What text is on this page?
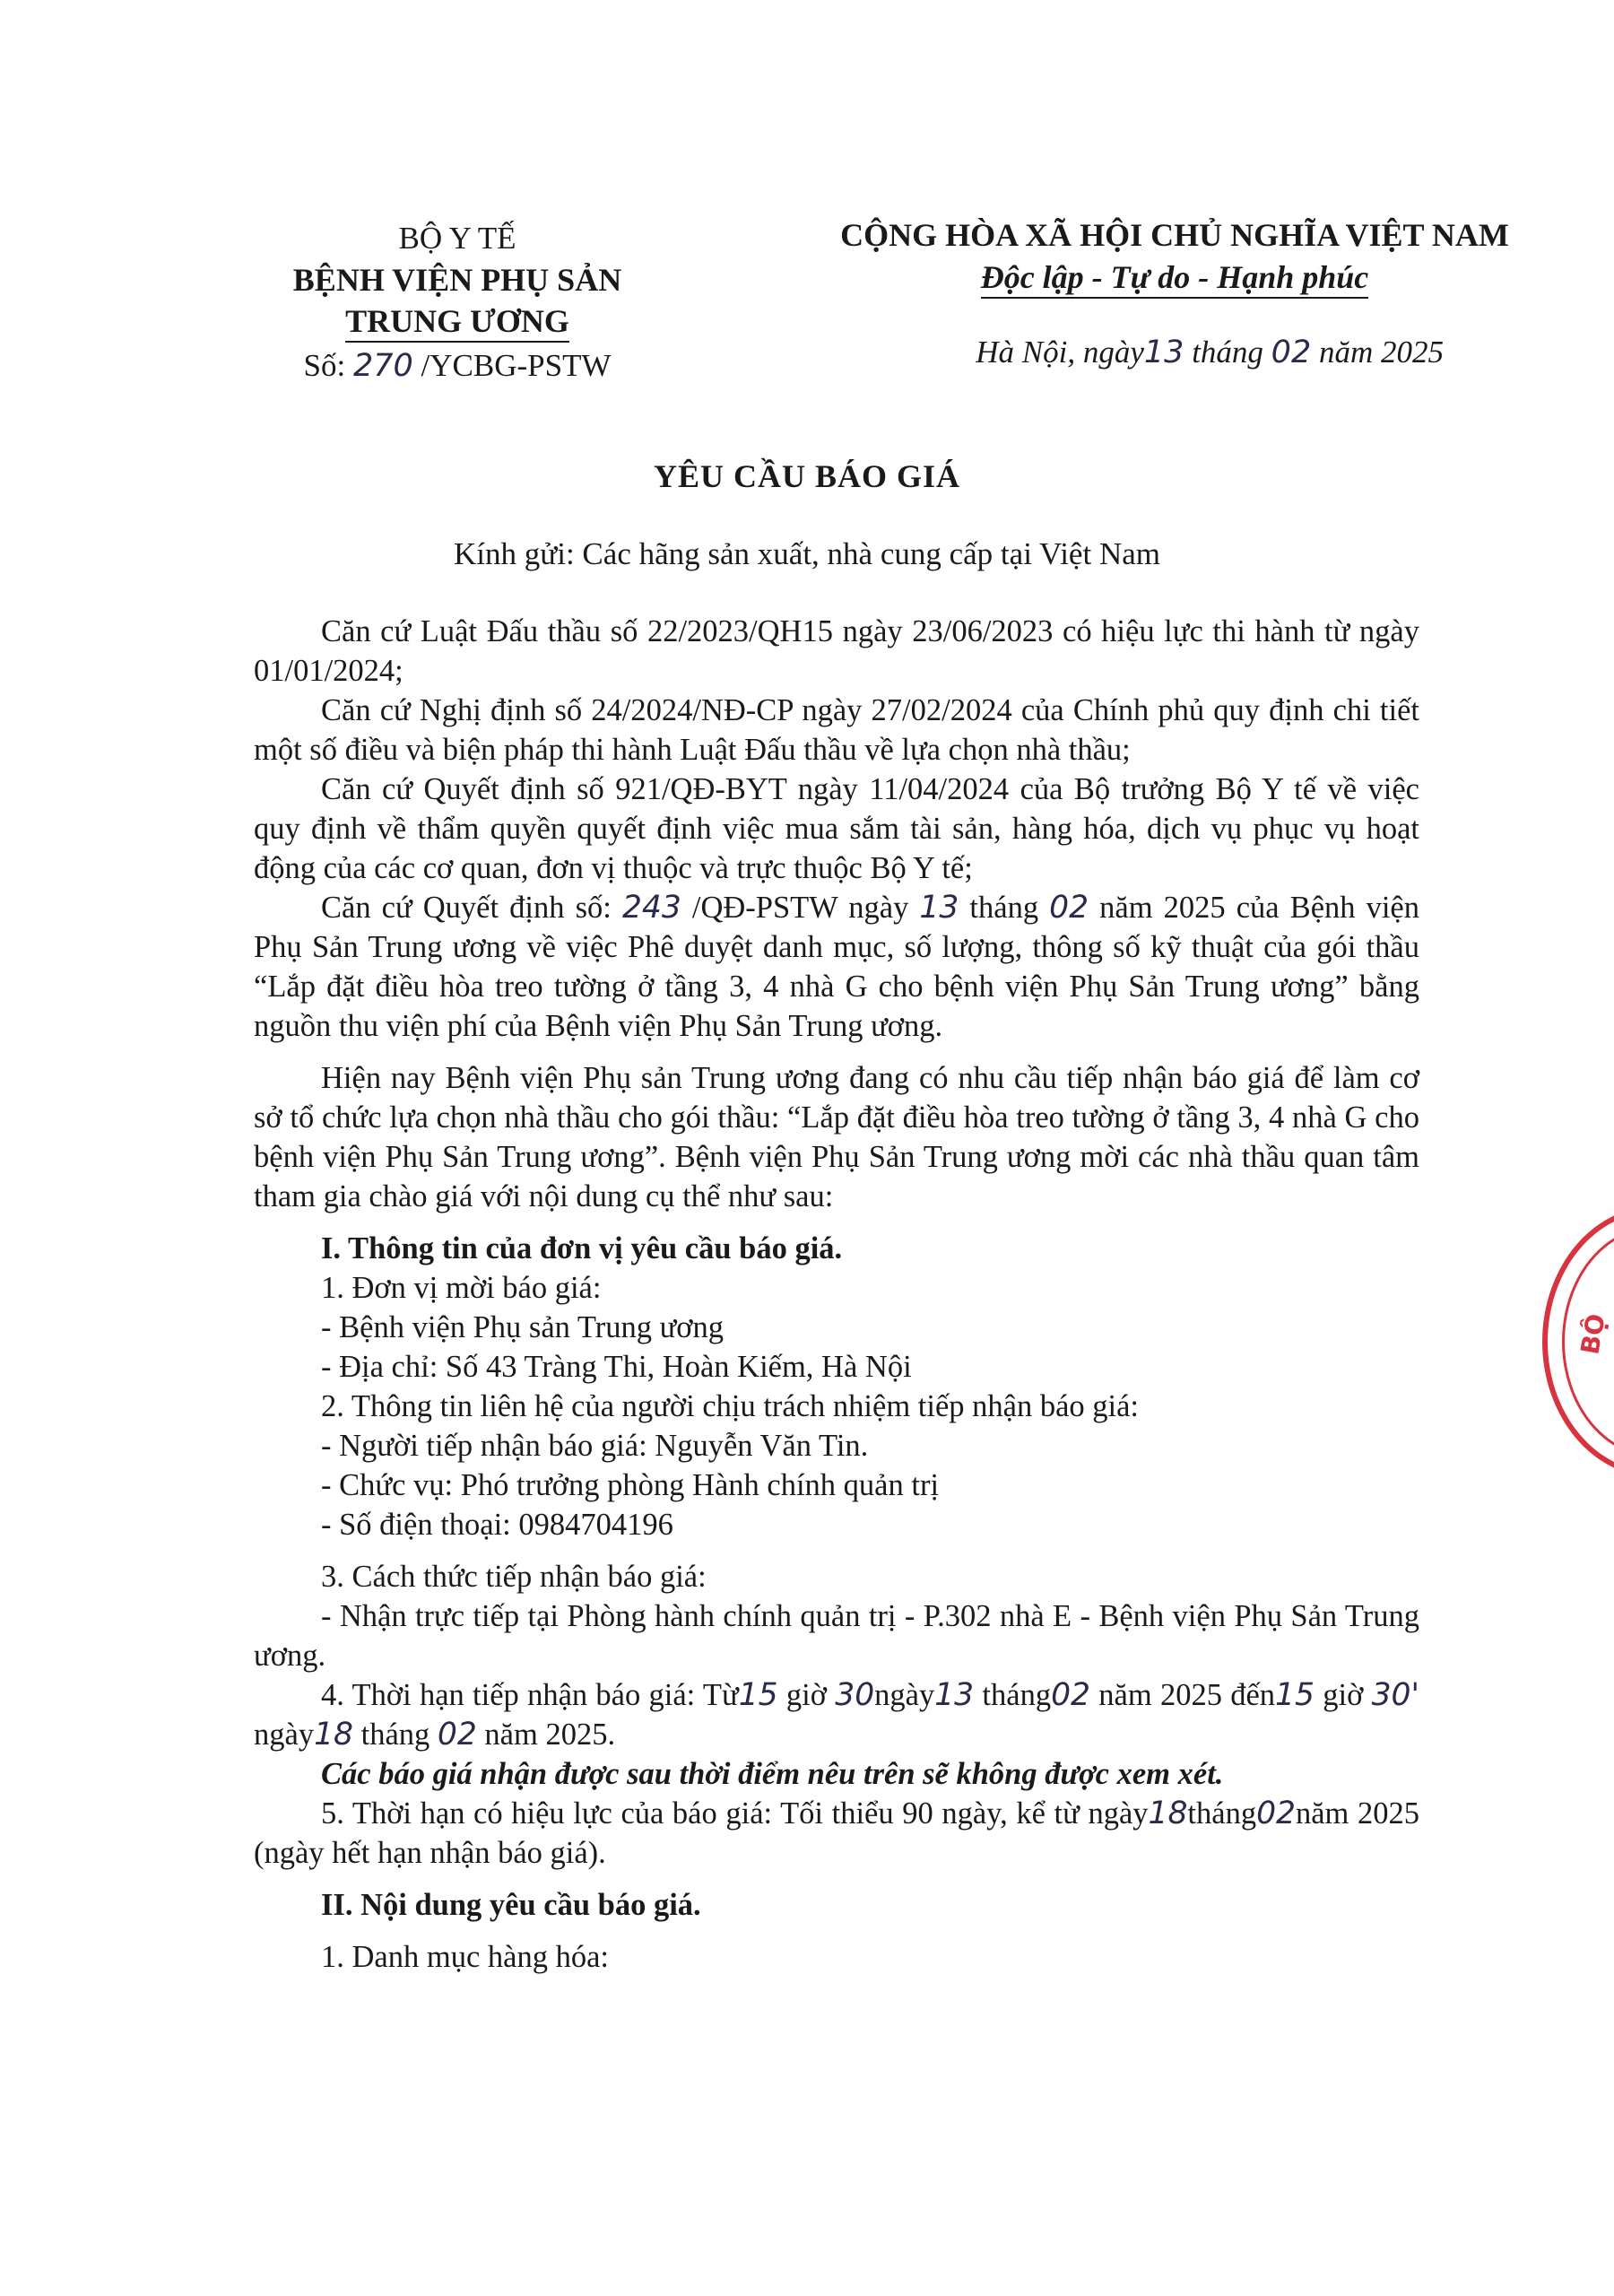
BỘ Y TẾ
BỆNH VIỆN PHỤ SẢN
TRUNG ƯƠNG
Số: 270 /YCBG-PSTW
CỘNG HÒA XÃ HỘI CHỦ NGHĨA VIỆT NAM
Độc lập - Tự do - Hạnh phúc
Hà Nội, ngày13 tháng 02 năm 2025
YÊU CẦU BÁO GIÁ
Kính gửi: Các hãng sản xuất, nhà cung cấp tại Việt Nam

Căn cứ Luật Đấu thầu số 22/2023/QH15 ngày 23/06/2023 có hiệu lực thi hành từ ngày 01/01/2024;

Căn cứ Nghị định số 24/2024/NĐ-CP ngày 27/02/2024 của Chính phủ quy định chi tiết một số điều và biện pháp thi hành Luật Đấu thầu về lựa chọn nhà thầu;

Căn cứ Quyết định số 921/QĐ-BYT ngày 11/04/2024 của Bộ trưởng Bộ Y tế về việc quy định về thẩm quyền quyết định việc mua sắm tài sản, hàng hóa, dịch vụ phục vụ hoạt động của các cơ quan, đơn vị thuộc và trực thuộc Bộ Y tế;

Căn cứ Quyết định số: 243 /QĐ-PSTW ngày 13 tháng 02 năm 2025 của Bệnh viện Phụ Sản Trung ương về việc Phê duyệt danh mục, số lượng, thông số kỹ thuật của gói thầu “Lắp đặt điều hòa treo tường ở tầng 3, 4 nhà G cho bệnh viện Phụ Sản Trung ương” bằng nguồn thu viện phí của Bệnh viện Phụ Sản Trung ương.

Hiện nay Bệnh viện Phụ sản Trung ương đang có nhu cầu tiếp nhận báo giá để làm cơ sở tổ chức lựa chọn nhà thầu cho gói thầu: “Lắp đặt điều hòa treo tường ở tầng 3, 4 nhà G cho bệnh viện Phụ Sản Trung ương”. Bệnh viện Phụ Sản Trung ương mời các nhà thầu quan tâm tham gia chào giá với nội dung cụ thể như sau:

I. Thông tin của đơn vị yêu cầu báo giá.

1. Đơn vị mời báo giá:

- Bệnh viện Phụ sản Trung ương

- Địa chỉ: Số 43 Tràng Thi, Hoàn Kiếm, Hà Nội

2. Thông tin liên hệ của người chịu trách nhiệm tiếp nhận báo giá:

- Người tiếp nhận báo giá: Nguyễn Văn Tin.

- Chức vụ: Phó trưởng phòng Hành chính quản trị

- Số điện thoại: 0984704196

3. Cách thức tiếp nhận báo giá:

- Nhận trực tiếp tại Phòng hành chính quản trị - P.302 nhà E - Bệnh viện Phụ Sản Trung ương.

4. Thời hạn tiếp nhận báo giá: Từ15 giờ 30ngày13 tháng02 năm 2025 đến15 giờ 30' ngày18 tháng 02 năm 2025.

Các báo giá nhận được sau thời điểm nêu trên sẽ không được xem xét.

5. Thời hạn có hiệu lực của báo giá: Tối thiểu 90 ngày, kể từ ngày18tháng02năm 2025 (ngày hết hạn nhận báo giá).

II. Nội dung yêu cầu báo giá.

1. Danh mục hàng hóa:

BỘ
